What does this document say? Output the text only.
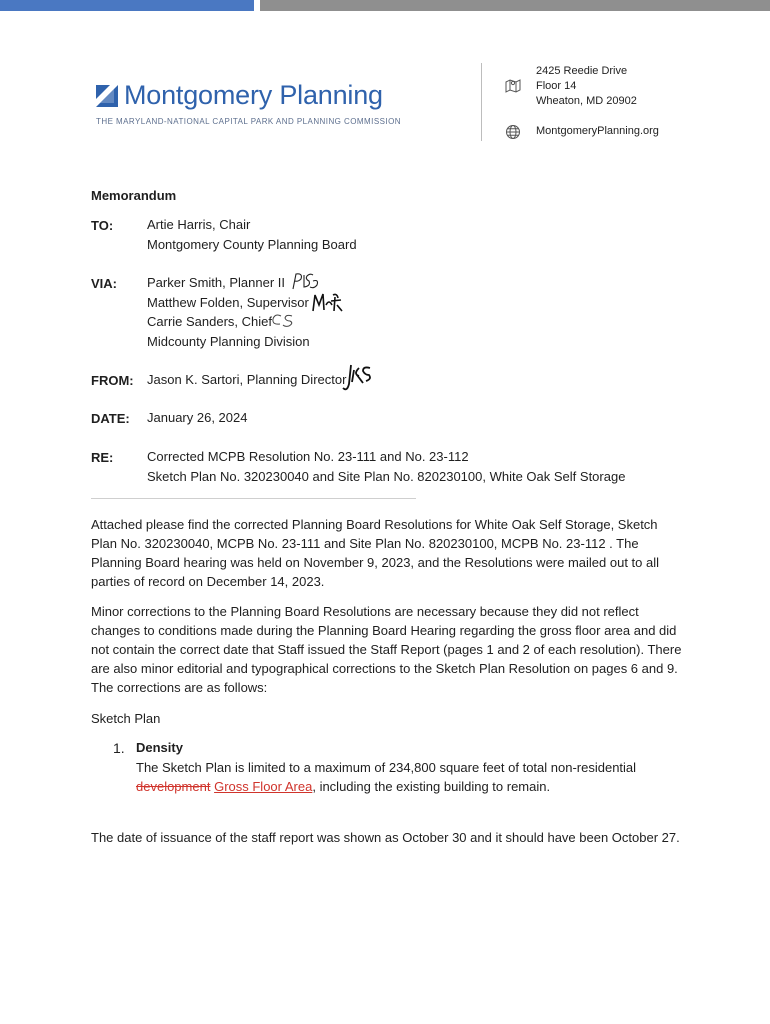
Montgomery Planning
THE MARYLAND-NATIONAL CAPITAL PARK AND PLANNING COMMISSION
2425 Reedie Drive
Floor 14
Wheaton, MD 20902
MontgomeryPlanning.org
Memorandum
TO:	Artie Harris, Chair
Montgomery County Planning Board
VIA: Parker Smith, Planner II
Matthew Folden, Supervisor
Carrie Sanders, Chief
Midcounty Planning Division
FROM: Jason K. Sartori, Planning Director
DATE: January 26, 2024
RE:	Corrected MCPB Resolution No. 23-111 and No. 23-112
Sketch Plan No. 320230040 and Site Plan No. 820230100, White Oak Self Storage

Attached please find the corrected Planning Board Resolutions for White Oak Self Storage, Sketch Plan No. 320230040, MCPB No. 23-111 and Site Plan No. 820230100, MCPB No. 23-112 . The Planning Board hearing was held on November 9, 2023, and the Resolutions were mailed out to all parties of record on December 14, 2023.

Minor corrections to the Planning Board Resolutions are necessary because they did not reflect changes to conditions made during the Planning Board Hearing regarding the gross floor area and did not contain the correct date that Staff issued the Staff Report (pages 1 and 2 of each resolution). There are also minor editorial and typographical corrections to the Sketch Plan Resolution on pages 6 and 9. The corrections are as follows:

Sketch Plan

1. Density
The Sketch Plan is limited to a maximum of 234,800 square feet of total non-residential development Gross Floor Area, including the existing building to remain.

The date of issuance of the staff report was shown as October 30 and it should have been October 27.
